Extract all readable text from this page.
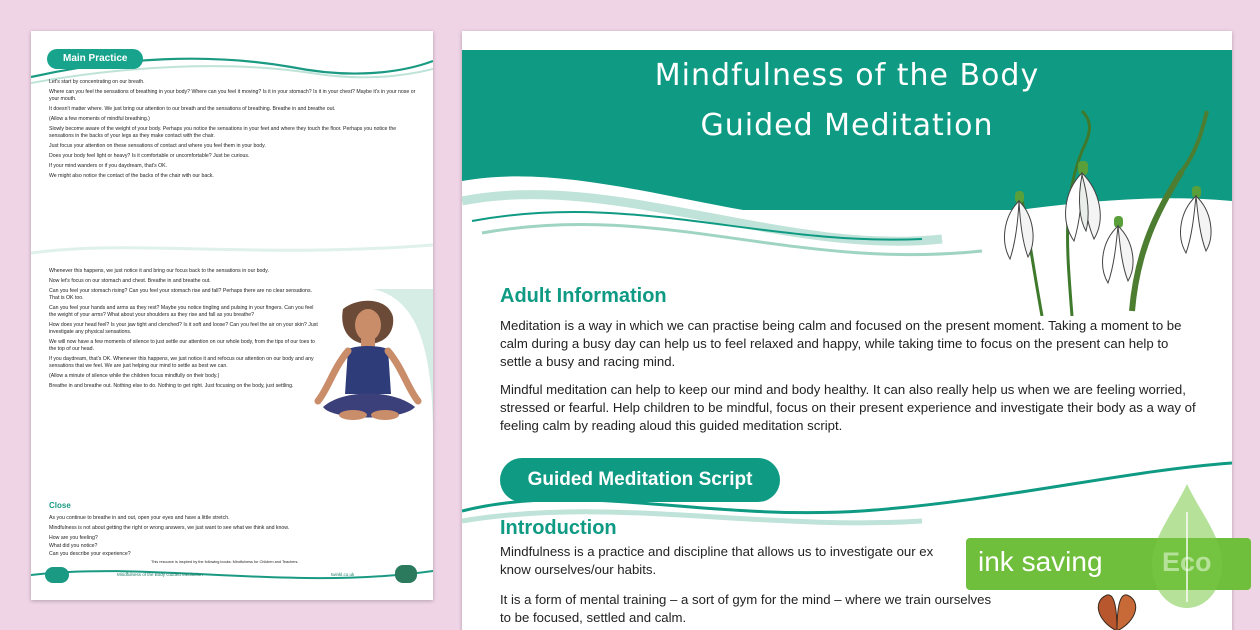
Main Practice
Let's start by concentrating on our breath.
Where can you feel the sensations of breathing in your body? Where can you feel it moving? Is it in your stomach? Is it in your chest? Maybe it's in your nose or your mouth.
It doesn't matter where. We just bring our attention to our breath and the sensations of breathing. Breathe in and breathe out.
(Allow a few moments of mindful breathing.)
Slowly become aware of the weight of your body. Perhaps you notice the sensations in your feet and where they touch the floor. Perhaps you notice the sensations in the backs of your legs as they make contact with the chair.
Just focus your attention on these sensations of contact and where you feel them in your body.
Does your body feel light or heavy? Is it comfortable or uncomfortable? Just be curious.
If your mind wanders or if you daydream, that's OK.
We might also notice the contact of the backs of the chair with our back.
Whenever this happens, we just notice it and bring our focus back to the sensations in our body.
Now let's focus on our stomach and chest. Breathe in and breathe out.
Can you feel your stomach rising? Can you feel your stomach rise and fall? Perhaps there are no clear sensations. That is OK too.
Can you feel your hands and arms as they rest? Maybe you notice tingling and pulsing in your fingers. Can you feel the weight of your arms? What about your shoulders as they rise and fall as you breathe?
How does your head feel? Is your jaw tight and clenched? Is it soft and loose? Can you feel the air on your skin? Just investigate any physical sensations.
We will now have a few moments of silence to just settle our attention on our whole body, from the tips of our toes to the top of our head.
If you daydream, that's OK. Whenever this happens, we just notice it and refocus our attention on our body and any sensations that we feel. We are just helping our mind to settle as best we can.
(Allow a minute of silence while the children focus mindfully on their body.)
Breathe in and breathe out. Nothing else to do. Nothing to get right. Just focusing on the body, just settling.
Close
As you continue to breathe in and out, open your eyes and have a little stretch.
Mindfulness is not about getting the right or wrong answers, we just want to see what we think and know.
How are you feeling?
What did you notice?
Can you describe your experience?
This resource is inspired by the following books: Mindfulness for Children and Teachers.
Mindfulness of the Body Guided Meditation	twinkl.co.uk
Mindfulness of the Body
Guided Meditation
Adult Information
Meditation is a way in which we can practise being calm and focused on the present moment. Taking a moment to be calm during a busy day can help us to feel relaxed and happy, while taking time to focus on the present can help to settle a busy and racing mind.
Mindful meditation can help to keep our mind and body healthy. It can also really help us when we are feeling worried, stressed or fearful. Help children to be mindful, focus on their present experience and investigate their body as a way of feeling calm by reading aloud this guided meditation script.
Guided Meditation Script
Introduction
Mindfulness is a practice and discipline that allows us to investigate our ex
know ourselves/our habits.
It is a form of mental training – a sort of gym for the mind – where we train ourselves
to be focused, settled and calm.
ink saving
